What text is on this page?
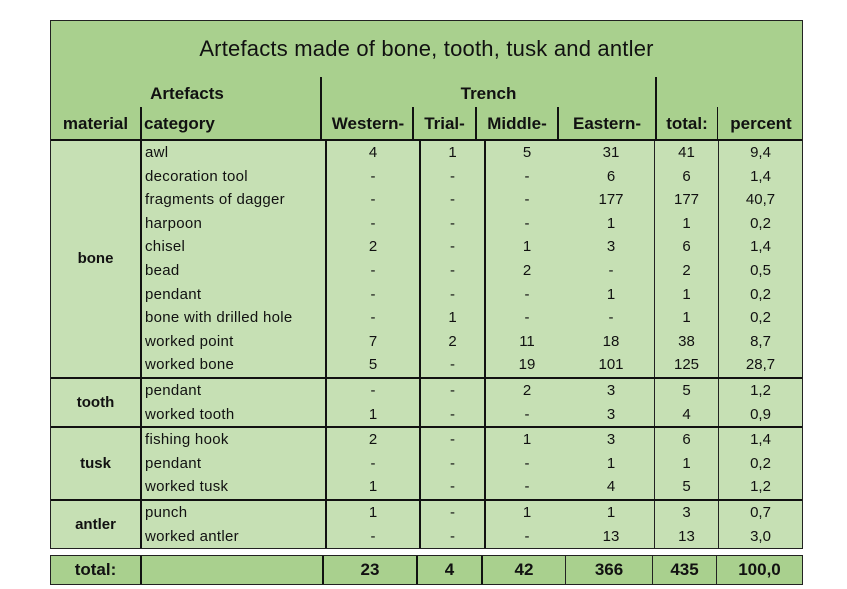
Artefacts made of bone, tooth, tusk and antler
Artefacts	Trench
material category	Western-	Trial-	Middle-	Eastern-	total:	percent
bone	awl	4	1	5	31	41	9,4
	decoration tool	-	-	-	6	6	1,4
	fragments of dagger	-	-	-	177	177	40,7
	harpoon	-	-	-	1	1	0,2
	chisel	2	-	1	3	6	1,4
	bead	-	-	2	-	2	0,5
	pendant	-	-	-	1	1	0,2
	bone with drilled hole	-	1	-	-	1	0,2
	worked point	7	2	11	18	38	8,7
	worked bone	5	-	19	101	125	28,7
tooth	pendant	-	-	2	3	5	1,2
	worked tooth	1	-	-	3	4	0,9
tusk	fishing hook	2	-	1	3	6	1,4
	pendant	-	-	-	1	1	0,2
	worked tusk	1	-	-	4	5	1,2
antler	punch	1	-	1	1	3	0,7
	worked antler	-	-	-	13	13	3,0
total:		23	4	42	366	435	100,0
